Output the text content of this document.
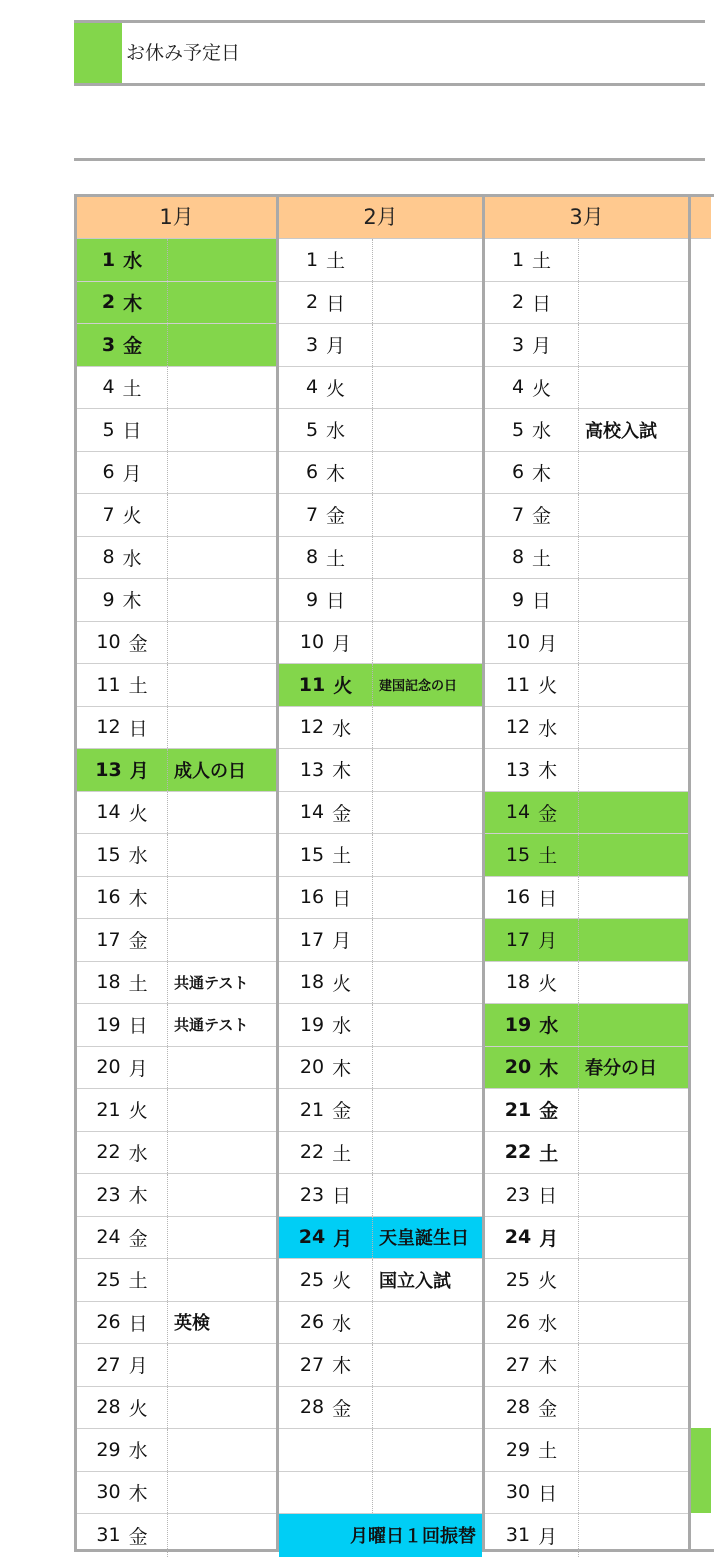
お休み予定日
1月
1 水
2 木
3 金
4 土
5 日
6 月
7 火
8 水
9 木
10 金
11 土
12 日
13 月	成人の日
14 火
15 水
16 木
17 金
18 土	共通テスト
19 日	共通テスト
20 月
21 火
22 水
23 木
24 金
25 土
26 日	英検
27 月
28 火
29 水
30 木
31 金
2月
1 土
2 日
3 月
4 火
5 水
6 木
7 金
8 土
9 日
10 月
11 火	建国記念の日
12 水
13 木
14 金
15 土
16 日
17 月
18 火
19 水
20 木
21 金
22 土
23 日
24 月	天皇誕生日
25 火	国立入試
26 水
27 木
28 金
月曜日１回振替
3月
1 土
2 日
3 月
4 火
5 水	高校入試
6 木
7 金
8 土
9 日
10 月
11 火
12 水
13 木
14 金
15 土
16 日
17 月
18 火
19 水
20 木	春分の日
21 金
22 土
23 日
24 月
25 火
26 水
27 木
28 金
29 土
30 日
31 月
